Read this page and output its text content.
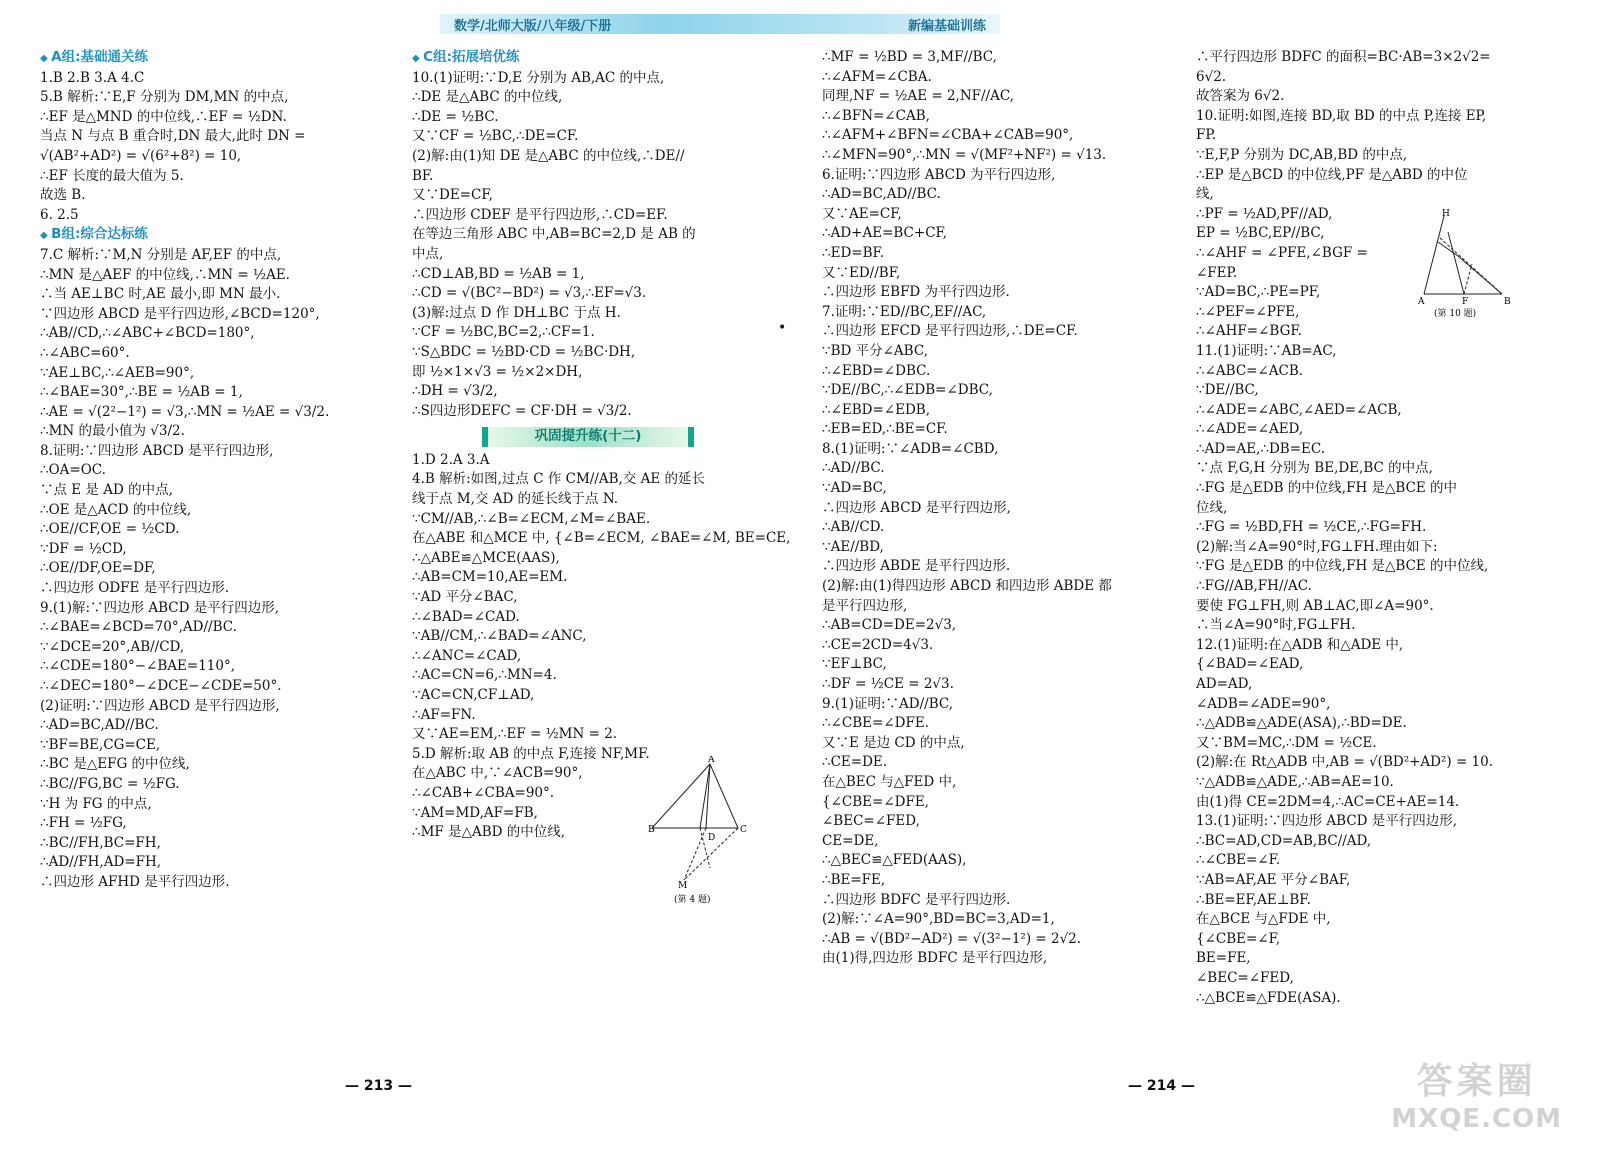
数学/北师大版/八年级/下册	新编基础训练
◆ A组:基础通关练
1.B 2.B 3.A 4.C
5.B 解析:∵E,F 分别为 DM,MN 的中点,
∴EF 是△MND 的中位线,∴EF = ½DN.
当点 N 与点 B 重合时,DN 最大,此时 DN =
√(AB²+AD²) = √(6²+8²) = 10,
∴EF 长度的最大值为 5.
故选 B.
6. 2.5
◆ B组:综合达标练
7.C 解析:∵M,N 分别是 AF,EF 的中点,
∴MN 是△AEF 的中位线,∴MN = ½AE.
∴当 AE⊥BC 时,AE 最小,即 MN 最小.
∵四边形 ABCD 是平行四边形,∠BCD=120°,
∴AB//CD,∴∠ABC+∠BCD=180°,
∴∠ABC=60°.
∵AE⊥BC,∴∠AEB=90°,
∴∠BAE=30°,∴BE = ½AB = 1,
∴AE = √(2²−1²) = √3,∴MN = ½AE = √3/2.
∴MN 的最小值为 √3/2.
8.证明:∵四边形 ABCD 是平行四边形,
∴OA=OC.
∵点 E 是 AD 的中点,
∴OE 是△ACD 的中位线,
∴OE//CF,OE = ½CD.
∵DF = ½CD,
∴OE//DF,OE=DF,
∴四边形 ODFE 是平行四边形.
9.(1)解:∵四边形 ABCD 是平行四边形,
∴∠BAE=∠BCD=70°,AD//BC.
∵∠DCE=20°,AB//CD,
∴∠CDE=180°−∠BAE=110°,
∴∠DEC=180°−∠DCE−∠CDE=50°.
(2)证明:∵四边形 ABCD 是平行四边形,
∴AD=BC,AD//BC.
∵BF=BE,CG=CE,
∴BC 是△EFG 的中位线,
∴BC//FG,BC = ½FG.
∵H 为 FG 的中点,
∴FH = ½FG,
∴BC//FH,BC=FH,
∴AD//FH,AD=FH,
∴四边形 AFHD 是平行四边形.
◆ C组:拓展培优练
10.(1)证明:∵D,E 分别为 AB,AC 的中点,
∴DE 是△ABC 的中位线,
∴DE = ½BC.
又∵CF = ½BC,∴DE=CF.
(2)解:由(1)知 DE 是△ABC 的中位线,∴DE//
BF.
又∵DE=CF,
∴四边形 CDEF 是平行四边形,∴CD=EF.
在等边三角形 ABC 中,AB=BC=2,D 是 AB 的
中点,
∴CD⊥AB,BD = ½AB = 1,
∴CD = √(BC²−BD²) = √3,∴EF=√3.
(3)解:过点 D 作 DH⊥BC 于点 H.
∵CF = ½BC,BC=2,∴CF=1.
∵S△BDC = ½BD·CD = ½BC·DH,
即 ½×1×√3 = ½×2×DH,
∴DH = √3/2,
∴S四边形DEFC = CF·DH = √3/2.
巩固提升练(十二)
1.D 2.A 3.A
4.B 解析:如图,过点 C 作 CM//AB,交 AE 的延长
线于点 M,交 AD 的延长线于点 N.
∵CM//AB,∴∠B=∠ECM,∠M=∠BAE.
在△ABE 和△MCE 中, {∠B=∠ECM, ∠BAE=∠M, BE=CE,
∴△ABE≌△MCE(AAS),
∴AB=CM=10,AE=EM.
∵AD 平分∠BAC,
∴∠BAD=∠CAD.
∵AB//CM,∴∠BAD=∠ANC,
∴∠ANC=∠CAD,
∴AC=CN=6,∴MN=4.
∵AC=CN,CF⊥AD,
∴AF=FN.
又∵AE=EM,∴EF = ½MN = 2.
5.D 解析:取 AB 的中点 F,连接 NF,MF.
在△ABC 中,∵∠ACB=90°,
∴∠CAB+∠CBA=90°.
∵AM=MD,AF=FB,
∴MF 是△ABD 的中位线,
∴MF = ½BD = 3,MF//BC,
∴∠AFM=∠CBA.
同理,NF = ½AE = 2,NF//AC,
∴∠BFN=∠CAB,
∴∠AFM+∠BFN=∠CBA+∠CAB=90°,
∴∠MFN=90°,∴MN = √(MF²+NF²) = √13.
6.证明:∵四边形 ABCD 为平行四边形,
∴AD=BC,AD//BC.
又∵AE=CF,
∴AD+AE=BC+CF,
∴ED=BF.
又∵ED//BF,
∴四边形 EBFD 为平行四边形.
7.证明:∵ED//BC,EF//AC,
∴四边形 EFCD 是平行四边形,∴DE=CF.
∵BD 平分∠ABC,
∴∠EBD=∠DBC.
∵DE//BC,∴∠EDB=∠DBC,
∴∠EBD=∠EDB,
∴EB=ED,∴BE=CF.
8.(1)证明:∵∠ADB=∠CBD,
∴AD//BC.
∵AD=BC,
∴四边形 ABCD 是平行四边形,
∴AB//CD.
∵AE//BD,
∴四边形 ABDE 是平行四边形.
(2)解:由(1)得四边形 ABCD 和四边形 ABDE 都
是平行四边形,
∴AB=CD=DE=2√3,
∴CE=2CD=4√3.
∵EF⊥BC,
∴DF = ½CE = 2√3.
9.(1)证明:∵AD//BC,
∴∠CBE=∠DFE.
又∵E 是边 CD 的中点,
∴CE=DE.
在△BEC 与△FED 中,
{∠CBE=∠DFE,
∠BEC=∠FED,
CE=DE,
∴△BEC≌△FED(AAS),
∴BE=FE,
∴四边形 BDFC 是平行四边形.
(2)解:∵∠A=90°,BD=BC=3,AD=1,
∴AB = √(BD²−AD²) = √(3²−1²) = 2√2.
由(1)得,四边形 BDFC 是平行四边形,
∴平行四边形 BDFC 的面积=BC·AB=3×2√2=
6√2.
故答案为 6√2.
10.证明:如图,连接 BD,取 BD 的中点 P,连接 EP,
FP.
∵E,F,P 分别为 DC,AB,BD 的中点,
∴EP 是△BCD 的中位线,PF 是△ABD 的中位
线,
∴PF = ½AD,PF//AD,
EP = ½BC,EP//BC,
∴∠AHF = ∠PFE,∠BGF =
∠FEP.
∵AD=BC,∴PE=PF,
∴∠PEF=∠PFE,
∴∠AHF=∠BGF.
11.(1)证明:∵AB=AC,
∴∠ABC=∠ACB.
∵DE//BC,
∴∠ADE=∠ABC,∠AED=∠ACB,
∴∠ADE=∠AED,
∴AD=AE,∴DB=EC.
∵点 F,G,H 分别为 BE,DE,BC 的中点,
∴FG 是△EDB 的中位线,FH 是△BCE 的中
位线,
∴FG = ½BD,FH = ½CE,∴FG=FH.
(2)解:当∠A=90°时,FG⊥FH.理由如下:
∵FG 是△EDB 的中位线,FH 是△BCE 的中位线,
∴FG//AB,FH//AC.
要使 FG⊥FH,则 AB⊥AC,即∠A=90°.
∴当∠A=90°时,FG⊥FH.
12.(1)证明:在△ADB 和△ADE 中,
{∠BAD=∠EAD,
AD=AD,
∠ADB=∠ADE=90°,
∴△ADB≌△ADE(ASA),∴BD=DE.
又∵BM=MC,∴DM = ½CE.
(2)解:在 Rt△ADB 中,AB = √(BD²+AD²) = 10.
∵△ADB≌△ADE,∴AB=AE=10.
由(1)得 CE=2DM=4,∴AC=CE+AE=14.
13.(1)证明:∵四边形 ABCD 是平行四边形,
∴BC=AD,CD=AB,BC//AD,
∴∠CBE=∠F.
∵AB=AF,AE 平分∠BAF,
∴BE=EF,AE⊥BF.
在△BCE 与△FDE 中,
{∠CBE=∠F,
BE=FE,
∠BEC=∠FED,
∴△BCE≌△FDE(ASA).
B	C
A
D
M
(第 4 题)
A	B
F
H
(第 10 题)
•
— 213 —	— 214 —	答案圈
MXQE.COM
